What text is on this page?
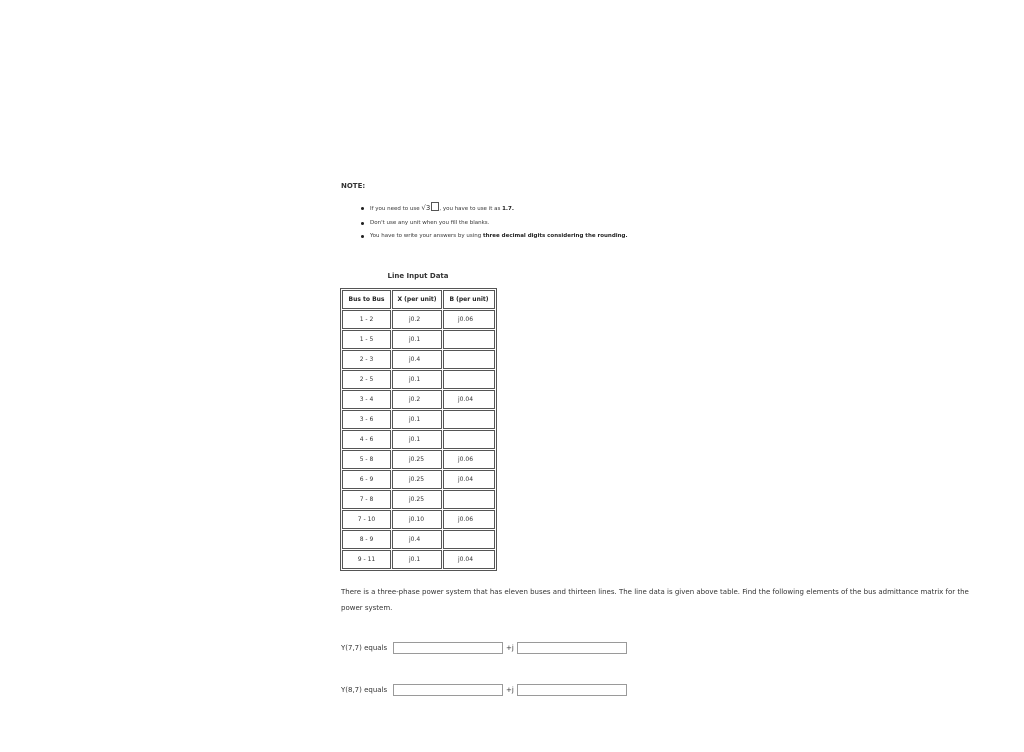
NOTE:
If you need to use √3 , you have to use it as 1.7.
Don't use any unit when you fill the blanks.
You have to write your answers by using three decimal digits considering the rounding.
Line Input Data
Bus to Bus	X (per unit)	B (per unit)
1 - 2	j0.2	j0.06
1 - 5	j0.1	
2 - 3	j0.4	
2 - 5	j0.1	
3 - 4	j0.2	j0.04
3 - 6	j0.1	
4 - 6	j0.1	
5 - 8	j0.25	j0.06
6 - 9	j0.25	j0.04
7 - 8	j0.25	
7 - 10	j0.10	j0.06
8 - 9	j0.4	
9 - 11	j0.1	j0.04
There is a three-phase power system that has eleven buses and thirteen lines. The line data is given above table. Find the following elements of the bus admittance matrix for the power system.
Y(7,7) equals	+j
Y(8,7) equals	+j
